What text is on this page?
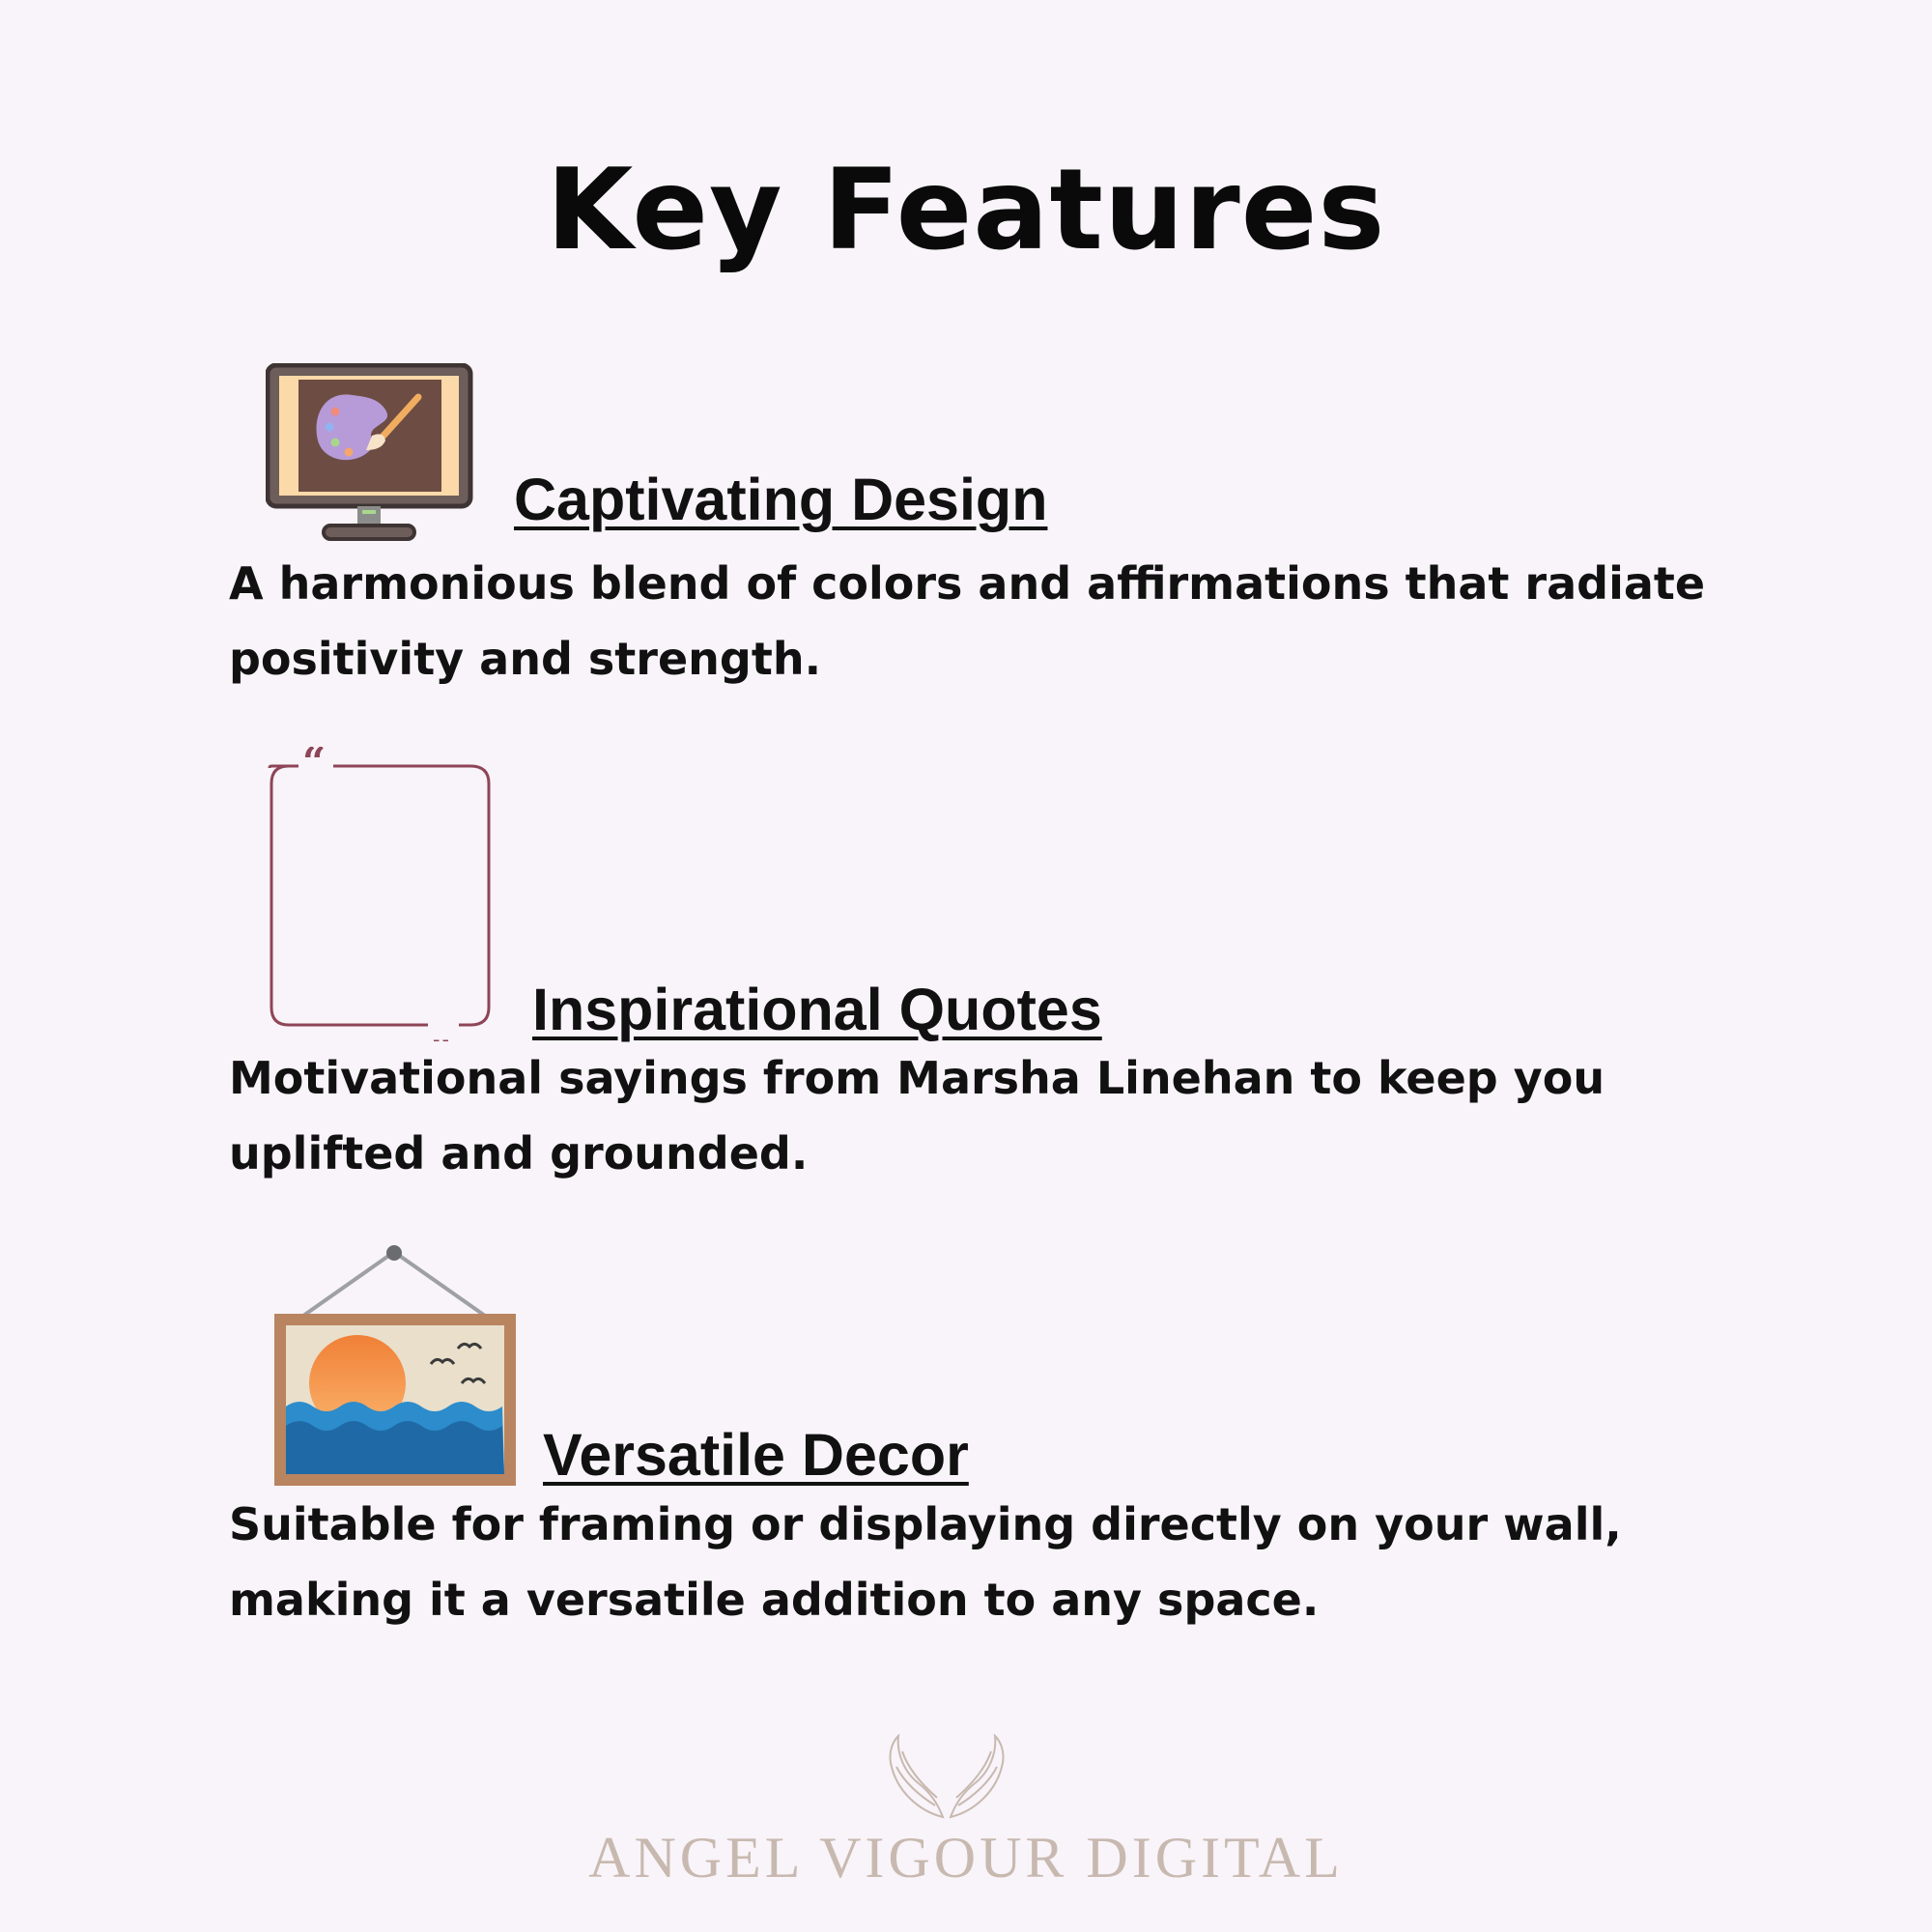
Key Features
Captivating Design

A harmonious blend of colors and affirmations that radiate positivity and strength.

“
„ Inspirational Quotes

Motivational sayings from Marsha Linehan to keep you uplifted and grounded.

Versatile Decor

Suitable for framing or displaying directly on your wall, making it a versatile addition to any space.

ANGEL VIGOUR DIGITAL
